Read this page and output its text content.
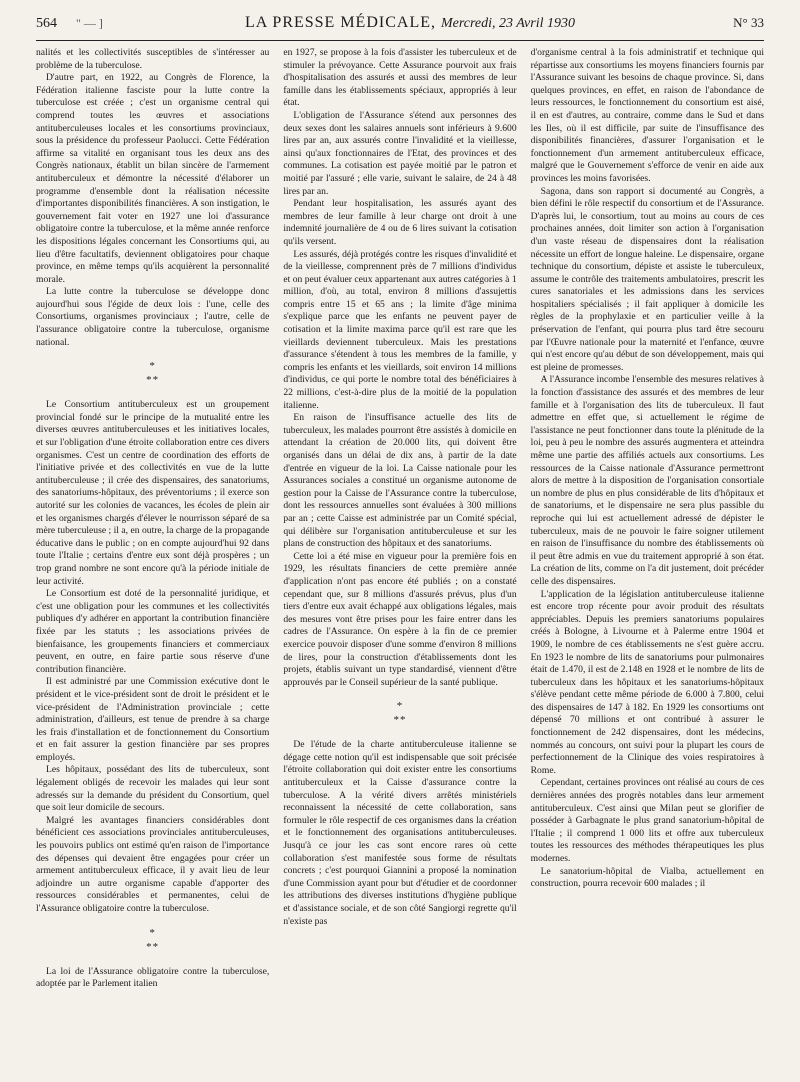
564	" — ]	LA PRESSE MÉDICALE, Mercredi, 23 Avril 1930	N° 33

nalités et les collectivités susceptibles de s'intéresser au problème de la tuberculose.

D'autre part, en 1922, au Congrès de Florence, la Fédération italienne fasciste pour la lutte contre la tuberculose est créée ; c'est un organisme central qui comprend toutes les œuvres et associations antituberculeuses locales et les consortiums provinciaux, sous la présidence du professeur Paolucci. Cette Fédération affirme sa vitalité en organisant tous les deux ans des Congrès nationaux, établit un bilan sincère de l'armement antituberculeux et démontre la nécessité d'élaborer un programme d'ensemble dont la réalisation nécessite d'importantes disponibilités financières. A son instigation, le gouvernement fait voter en 1927 une loi d'assurance obligatoire contre la tuberculose, et la même année renforce les dispositions légales concernant les Consortiums qui, au lieu d'être facultatifs, deviennent obligatoires pour chaque province, en même temps qu'ils acquièrent la personnalité morale.

La lutte contre la tuberculose se développe donc aujourd'hui sous l'égide de deux lois : l'une, celle des Consortiums, organismes provinciaux ; l'autre, celle de l'assurance obligatoire contre la tuberculose, organisme national.

*
**

Le Consortium antituberculeux est un groupement provincial fondé sur le principe de la mutualité entre les diverses œuvres antituberculeuses et les initiatives locales, et sur l'obligation d'une étroite collaboration entre ces divers organismes. C'est un centre de coordination des efforts de l'initiative privée et des collectivités en vue de la lutte antituberculeuse ; il crée des dispensaires, des sanatoriums, des sanatoriums-hôpitaux, des préventoriums ; il exerce son autorité sur les colonies de vacances, les écoles de plein air et les organismes chargés d'élever le nourrisson séparé de sa mère tuberculeuse ; il a, en outre, la charge de la propagande éducative dans le public ; on en compte aujourd'hui 92 dans toute l'Italie ; certains d'entre eux sont déjà prospères ; un trop grand nombre ne sont encore qu'à la période initiale de leur activité.

Le Consortium est doté de la personnalité juridique, et c'est une obligation pour les communes et les collectivités publiques d'y adhérer en apportant la contribution financière fixée par les statuts ; les associations privées de bienfaisance, les groupements financiers et commerciaux peuvent, en outre, en faire partie sous réserve d'une contribution financière.

Il est administré par une Commission exécutive dont le président et le vice-président sont de droit le président et le vice-président de l'Administration provinciale ; cette administration, d'ailleurs, est tenue de prendre à sa charge les frais d'installation et de fonctionnement du Consortium et en fait assurer la gestion financière par ses propres employés.

Les hôpitaux, possédant des lits de tuberculeux, sont légalement obligés de recevoir les malades qui leur sont adressés sur la demande du président du Consortium, quel que soit leur domicile de secours.

Malgré les avantages financiers considérables dont bénéficient ces associations provinciales antituberculeuses, les pouvoirs publics ont estimé qu'en raison de l'importance des dépenses qui devaient être engagées pour créer un armement antituberculeux efficace, il y avait lieu de leur adjoindre un autre organisme capable d'apporter des ressources considérables et permanentes, celui de l'Assurance obligatoire contre la tuberculose.

*
**

La loi de l'Assurance obligatoire contre la tuberculose, adoptée par le Parlement italien

en 1927, se propose à la fois d'assister les tuberculeux et de stimuler la prévoyance. Cette Assurance pourvoit aux frais d'hospitalisation des assurés et aussi des membres de leur famille dans les établissements spéciaux, appropriés à leur état.

L'obligation de l'Assurance s'étend aux personnes des deux sexes dont les salaires annuels sont inférieurs à 9.600 lires par an, aux assurés contre l'invalidité et la vieillesse, ainsi qu'aux fonctionnaires de l'Etat, des provinces et des communes. La cotisation est payée moitié par le patron et moitié par l'assuré ; elle varie, suivant le salaire, de 24 à 48 lires par an.

Pendant leur hospitalisation, les assurés ayant des membres de leur famille à leur charge ont droit à une indemnité journalière de 4 ou de 6 lires suivant la cotisation qu'ils versent.

Les assurés, déjà protégés contre les risques d'invalidité et de la vieillesse, comprennent près de 7 millions d'individus et on peut évaluer ceux appartenant aux autres catégories à 1 million, d'où, au total, environ 8 millions d'assujettis compris entre 15 et 65 ans ; la limite d'âge minima s'explique parce que les enfants ne peuvent payer de cotisation et la limite maxima parce qu'il est rare que les vieillards deviennent tuberculeux. Mais les prestations d'assurance s'étendent à tous les membres de la famille, y compris les enfants et les vieillards, soit environ 14 millions d'individus, ce qui porte le nombre total des bénéficiaires à 22 millions, c'est-à-dire plus de la moitié de la population italienne.

En raison de l'insuffisance actuelle des lits de tuberculeux, les malades pourront être assistés à domicile en attendant la création de 20.000 lits, qui doivent être organisés dans un délai de dix ans, à partir de la date d'entrée en vigueur de la loi. La Caisse nationale pour les Assurances sociales a constitué un organisme autonome de gestion pour la Caisse de l'Assurance contre la tuberculose, dont les ressources annuelles sont évaluées à 300 millions par an ; cette Caisse est administrée par un Comité spécial, qui délibère sur l'organisation antituberculeuse et sur les plans de construction des hôpitaux et des sanatoriums.

Cette loi a été mise en vigueur pour la première fois en 1929, les résultats financiers de cette première année d'application n'ont pas encore été publiés ; on a constaté cependant que, sur 8 millions d'assurés prévus, plus d'un tiers d'entre eux avait échappé aux obligations légales, mais des mesures vont être prises pour les faire entrer dans les cadres de l'Assurance. On espère à la fin de ce premier exercice pouvoir disposer d'une somme d'environ 8 millions de lires, pour la construction d'établissements dont les projets, établis suivant un type standardisé, viennent d'être approuvés par le Conseil supérieur de la santé publique.

*
**

De l'étude de la charte antituberculeuse italienne se dégage cette notion qu'il est indispensable que soit précisée l'étroite collaboration qui doit exister entre les consortiums antituberculeux et la Caisse d'assurance contre la tuberculose. A la vérité divers arrêtés ministériels reconnaissent la nécessité de cette collaboration, sans formuler le rôle respectif de ces organismes dans la création et le fonctionnement des organisations antituberculeuses. Jusqu'à ce jour les cas sont encore rares où cette collaboration s'est manifestée sous forme de résultats concrets ; c'est pourquoi Giannini a proposé la nomination d'une Commission ayant pour but d'étudier et de coordonner les attributions des diverses institutions d'hygiène publique et d'assistance sociale, et de son côté Sangiorgi regrette qu'il n'existe pas

d'organisme central à la fois administratif et technique qui répartisse aux consortiums les moyens financiers fournis par l'Assurance suivant les besoins de chaque province. Si, dans quelques provinces, en effet, en raison de l'abondance de leurs ressources, le fonctionnement du consortium est aisé, il en est d'autres, au contraire, comme dans le Sud et dans les Iles, où il est difficile, par suite de l'insuffisance des disponibilités financières, d'assurer l'organisation et le fonctionnement d'un armement antituberculeux efficace, malgré que le Gouvernement s'efforce de venir en aide aux provinces les moins favorisées.

Sagona, dans son rapport si documenté au Congrès, a bien défini le rôle respectif du consortium et de l'Assurance. D'après lui, le consortium, tout au moins au cours de ces prochaines années, doit limiter son action à l'organisation d'un vaste réseau de dispensaires dont la réalisation nécessite un effort de longue haleine. Le dispensaire, organe technique du consortium, dépiste et assiste le tuberculeux, assume le contrôle des traitements ambulatoires, prescrit les cures sanatoriales et les admissions dans les services hospitaliers spécialisés ; il fait appliquer à domicile les règles de la prophylaxie et en particulier veille à la préservation de l'enfant, qui pourra plus tard être secouru par l'Œuvre nationale pour la maternité et l'enfance, œuvre qui n'est encore qu'au début de son développement, mais qui est pleine de promesses.

A l'Assurance incombe l'ensemble des mesures relatives à la fonction d'assistance des assurés et des membres de leur famille et à l'organisation des lits de tuberculeux. Il faut admettre en effet que, si actuellement le régime de l'assistance ne peut fonctionner dans toute la plénitude de la loi, peu à peu le nombre des assurés augmentera et atteindra même une partie des affiliés actuels aux consortiums. Les ressources de la Caisse nationale d'Assurance permettront alors de mettre à la disposition de l'organisation consortiale un nombre de plus en plus considérable de lits d'hôpitaux et de sanatoriums, et le dispensaire ne sera plus passible du reproche qui lui est actuellement adressé de dépister le tuberculeux, mais de ne pouvoir le faire soigner utilement en raison de l'insuffisance du nombre des établissements où il peut être admis en vue du traitement approprié à son état. La création de lits, comme on l'a dit justement, doit précéder celle des dispensaires.

L'application de la législation antituberculeuse italienne est encore trop récente pour avoir produit des résultats appréciables. Depuis les premiers sanatoriums populaires créés à Bologne, à Livourne et à Palerme entre 1904 et 1909, le nombre de ces établissements ne s'est guère accru. En 1923 le nombre de lits de sanatoriums pour pulmonaires était de 1.470, il est de 2.148 en 1928 et le nombre de lits de tuberculeux dans les hôpitaux et les sanatoriums-hôpitaux s'élève pendant cette même période de 6.000 à 7.800, celui des dispensaires de 147 à 182. En 1929 les consortiums ont dépensé 70 millions et ont contribué à assurer le fonctionnement de 242 dispensaires, dont les médecins, nommés au concours, ont suivi pour la plupart les cours de perfectionnement de la Clinique des voies respiratoires à Rome.

Cependant, certaines provinces ont réalisé au cours de ces dernières années des progrès notables dans leur armement antituberculeux. C'est ainsi que Milan peut se glorifier de posséder à Garbagnate le plus grand sanatorium-hôpital de l'Italie ; il comprend 1 000 lits et offre aux tuberculeux toutes les ressources des méthodes thérapeutiques les plus modernes.

Le sanatorium-hôpital de Vialba, actuellement en construction, pourra recevoir 600 malades ; il
